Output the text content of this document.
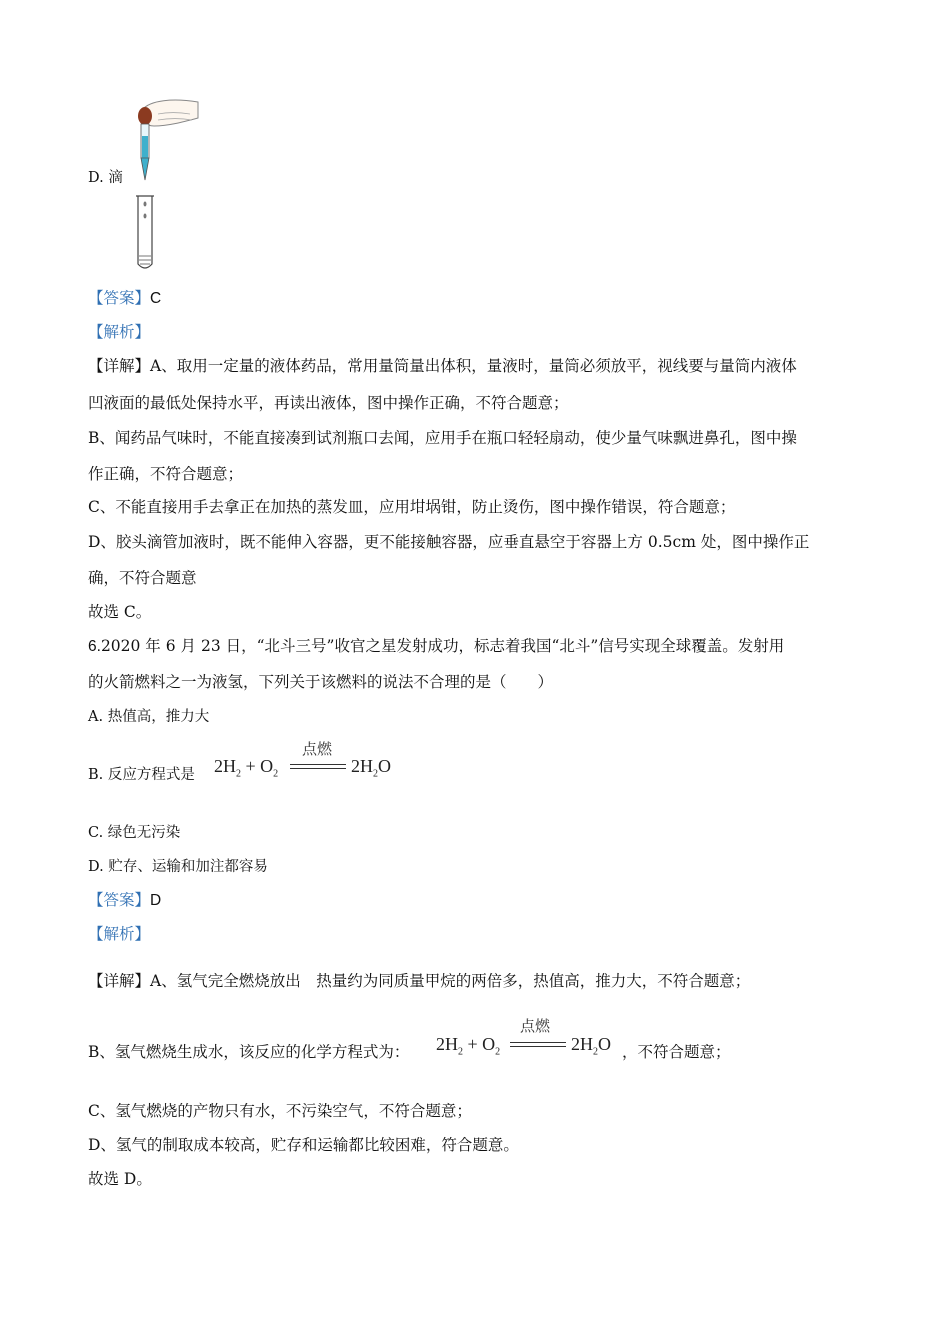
D. 滴
【答案】C
【解析】
【详解】A、取用一定量的液体药品，常用量筒量出体积，量液时，量筒必须放平，视线要与量筒内液体
凹液面的最低处保持水平，再读出液体，图中操作正确，不符合题意；
B、闻药品气味时，不能直接凑到试剂瓶口去闻，应用手在瓶口轻轻扇动，使少量气味飘进鼻孔，图中操
作正确，不符合题意；
C、不能直接用手去拿正在加热的蒸发皿，应用坩埚钳，防止烫伤，图中操作错误，符合题意；
D、胶头滴管加液时，既不能伸入容器，更不能接触容器，应垂直悬空于容器上方 0.5cm 处，图中操作正
确，不符合题意
故选 C。
6.2020 年 6 月 23 日，“北斗三号”收官之星发射成功，标志着我国“北斗”信号实现全球覆盖。发射用
的火箭燃料之一为液氢，下列关于该燃料的说法不合理的是（　　）
A. 热值高，推力大
B. 反应方程式是 $2H_2 + O_2$
点燃
$2H_2O$
C. 绿色无污染
D. 贮存、运输和加注都容易
【答案】D
【解析】
【详解】A、氢气完全燃烧放出　热量约为同质量甲烷的两倍多，热值高，推力大，不符合题意；
B、氢气燃烧生成水，该反应的化学方程式为： $2H_2 + O_2$
点燃
$2H_2O$ ，不符合题意；
C、氢气燃烧的产物只有水，不污染空气，不符合题意；
D、氢气的制取成本较高，贮存和运输都比较困难，符合题意。
故选 D。
